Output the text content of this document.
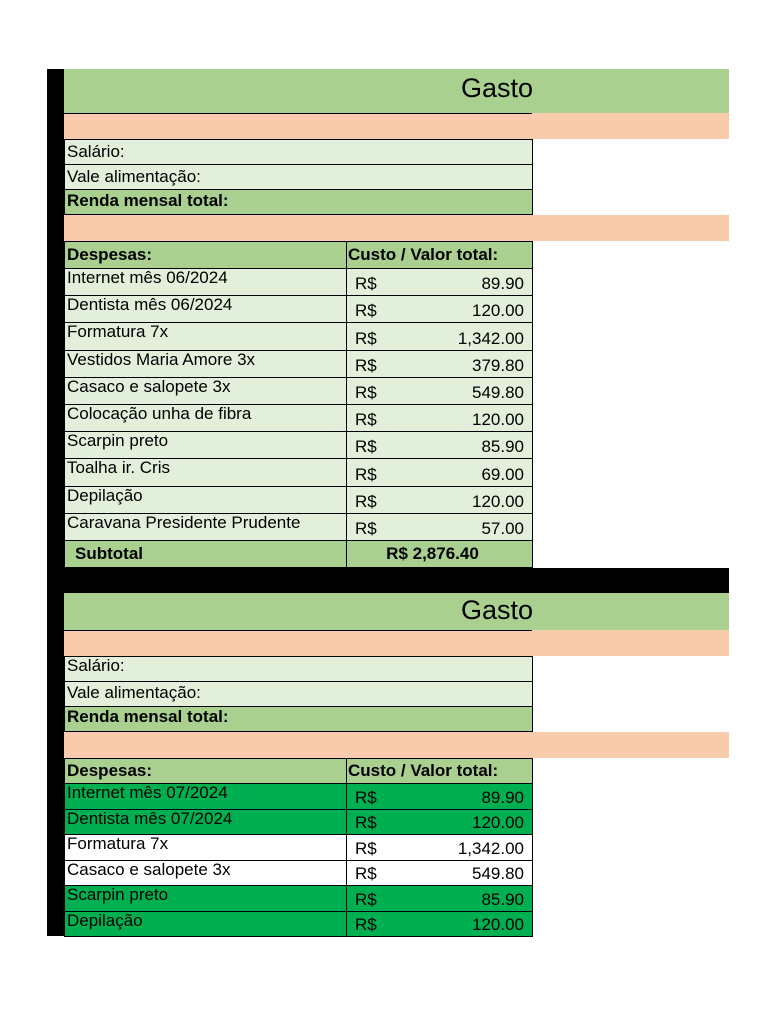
Gasto
Salário:
Vale alimentação:
Renda mensal total:
Despesas:	Custo / Valor total:
Internet mês 06/2024	R$	89.90
Dentista mês 06/2024	R$	120.00
Formatura 7x	R$	1,342.00
Vestidos Maria Amore 3x	R$	379.80
Casaco e salopete 3x	R$	549.80
Colocação unha de fibra	R$	120.00
Scarpin preto	R$	85.90
Toalha ir. Cris	R$	69.00
Depilação	R$	120.00
Caravana Presidente Prudente	R$	57.00
Subtotal	R$ 2,876.40
Gasto
Salário:
Vale alimentação:
Renda mensal total:
Despesas:	Custo / Valor total:
Internet mês 07/2024	R$	89.90
Dentista mês 07/2024	R$	120.00
Formatura 7x	R$	1,342.00
Casaco e salopete 3x	R$	549.80
Scarpin preto	R$	85.90
Depilação	R$	120.00
